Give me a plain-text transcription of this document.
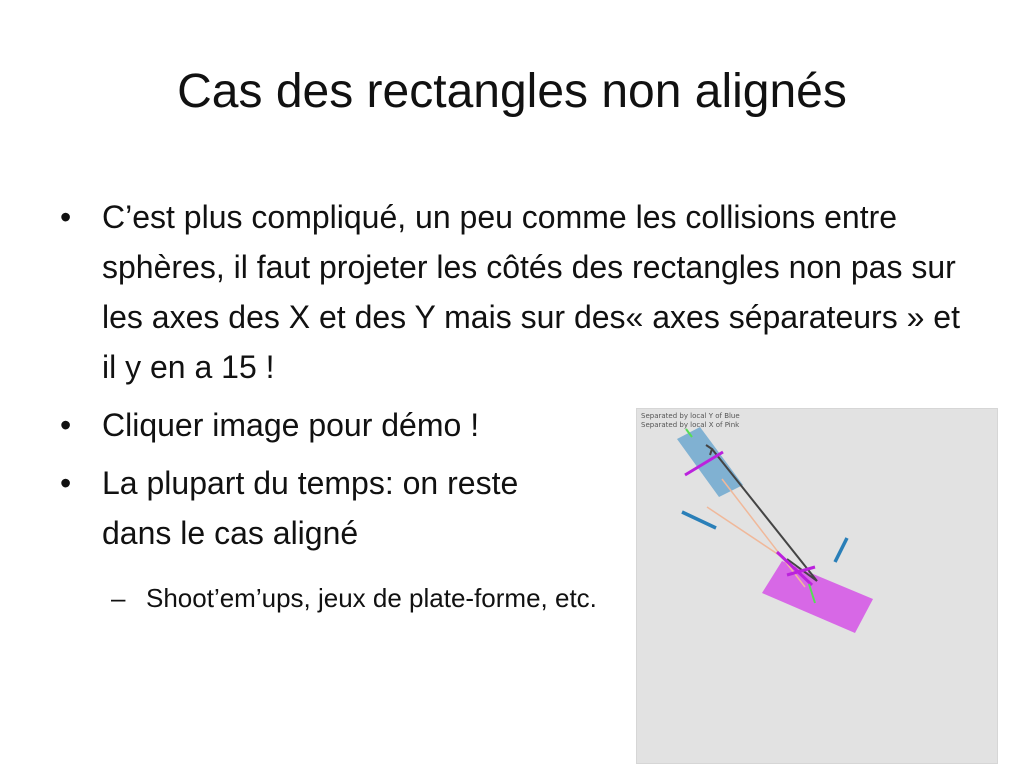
Cas des rectangles non alignés
• C’est plus compliqué, un peu comme les collisions entre sphères, il faut projeter les côtés des rectangles non pas sur les axes des X et des Y mais sur des« axes séparateurs » et il y en a 15 !
• Cliquer image pour démo !
• La plupart du temps: on reste dans le cas aligné
– Shoot’em’ups, jeux de plate-forme, etc.
Separated by local Y of Blue
Separated by local X of Pink
